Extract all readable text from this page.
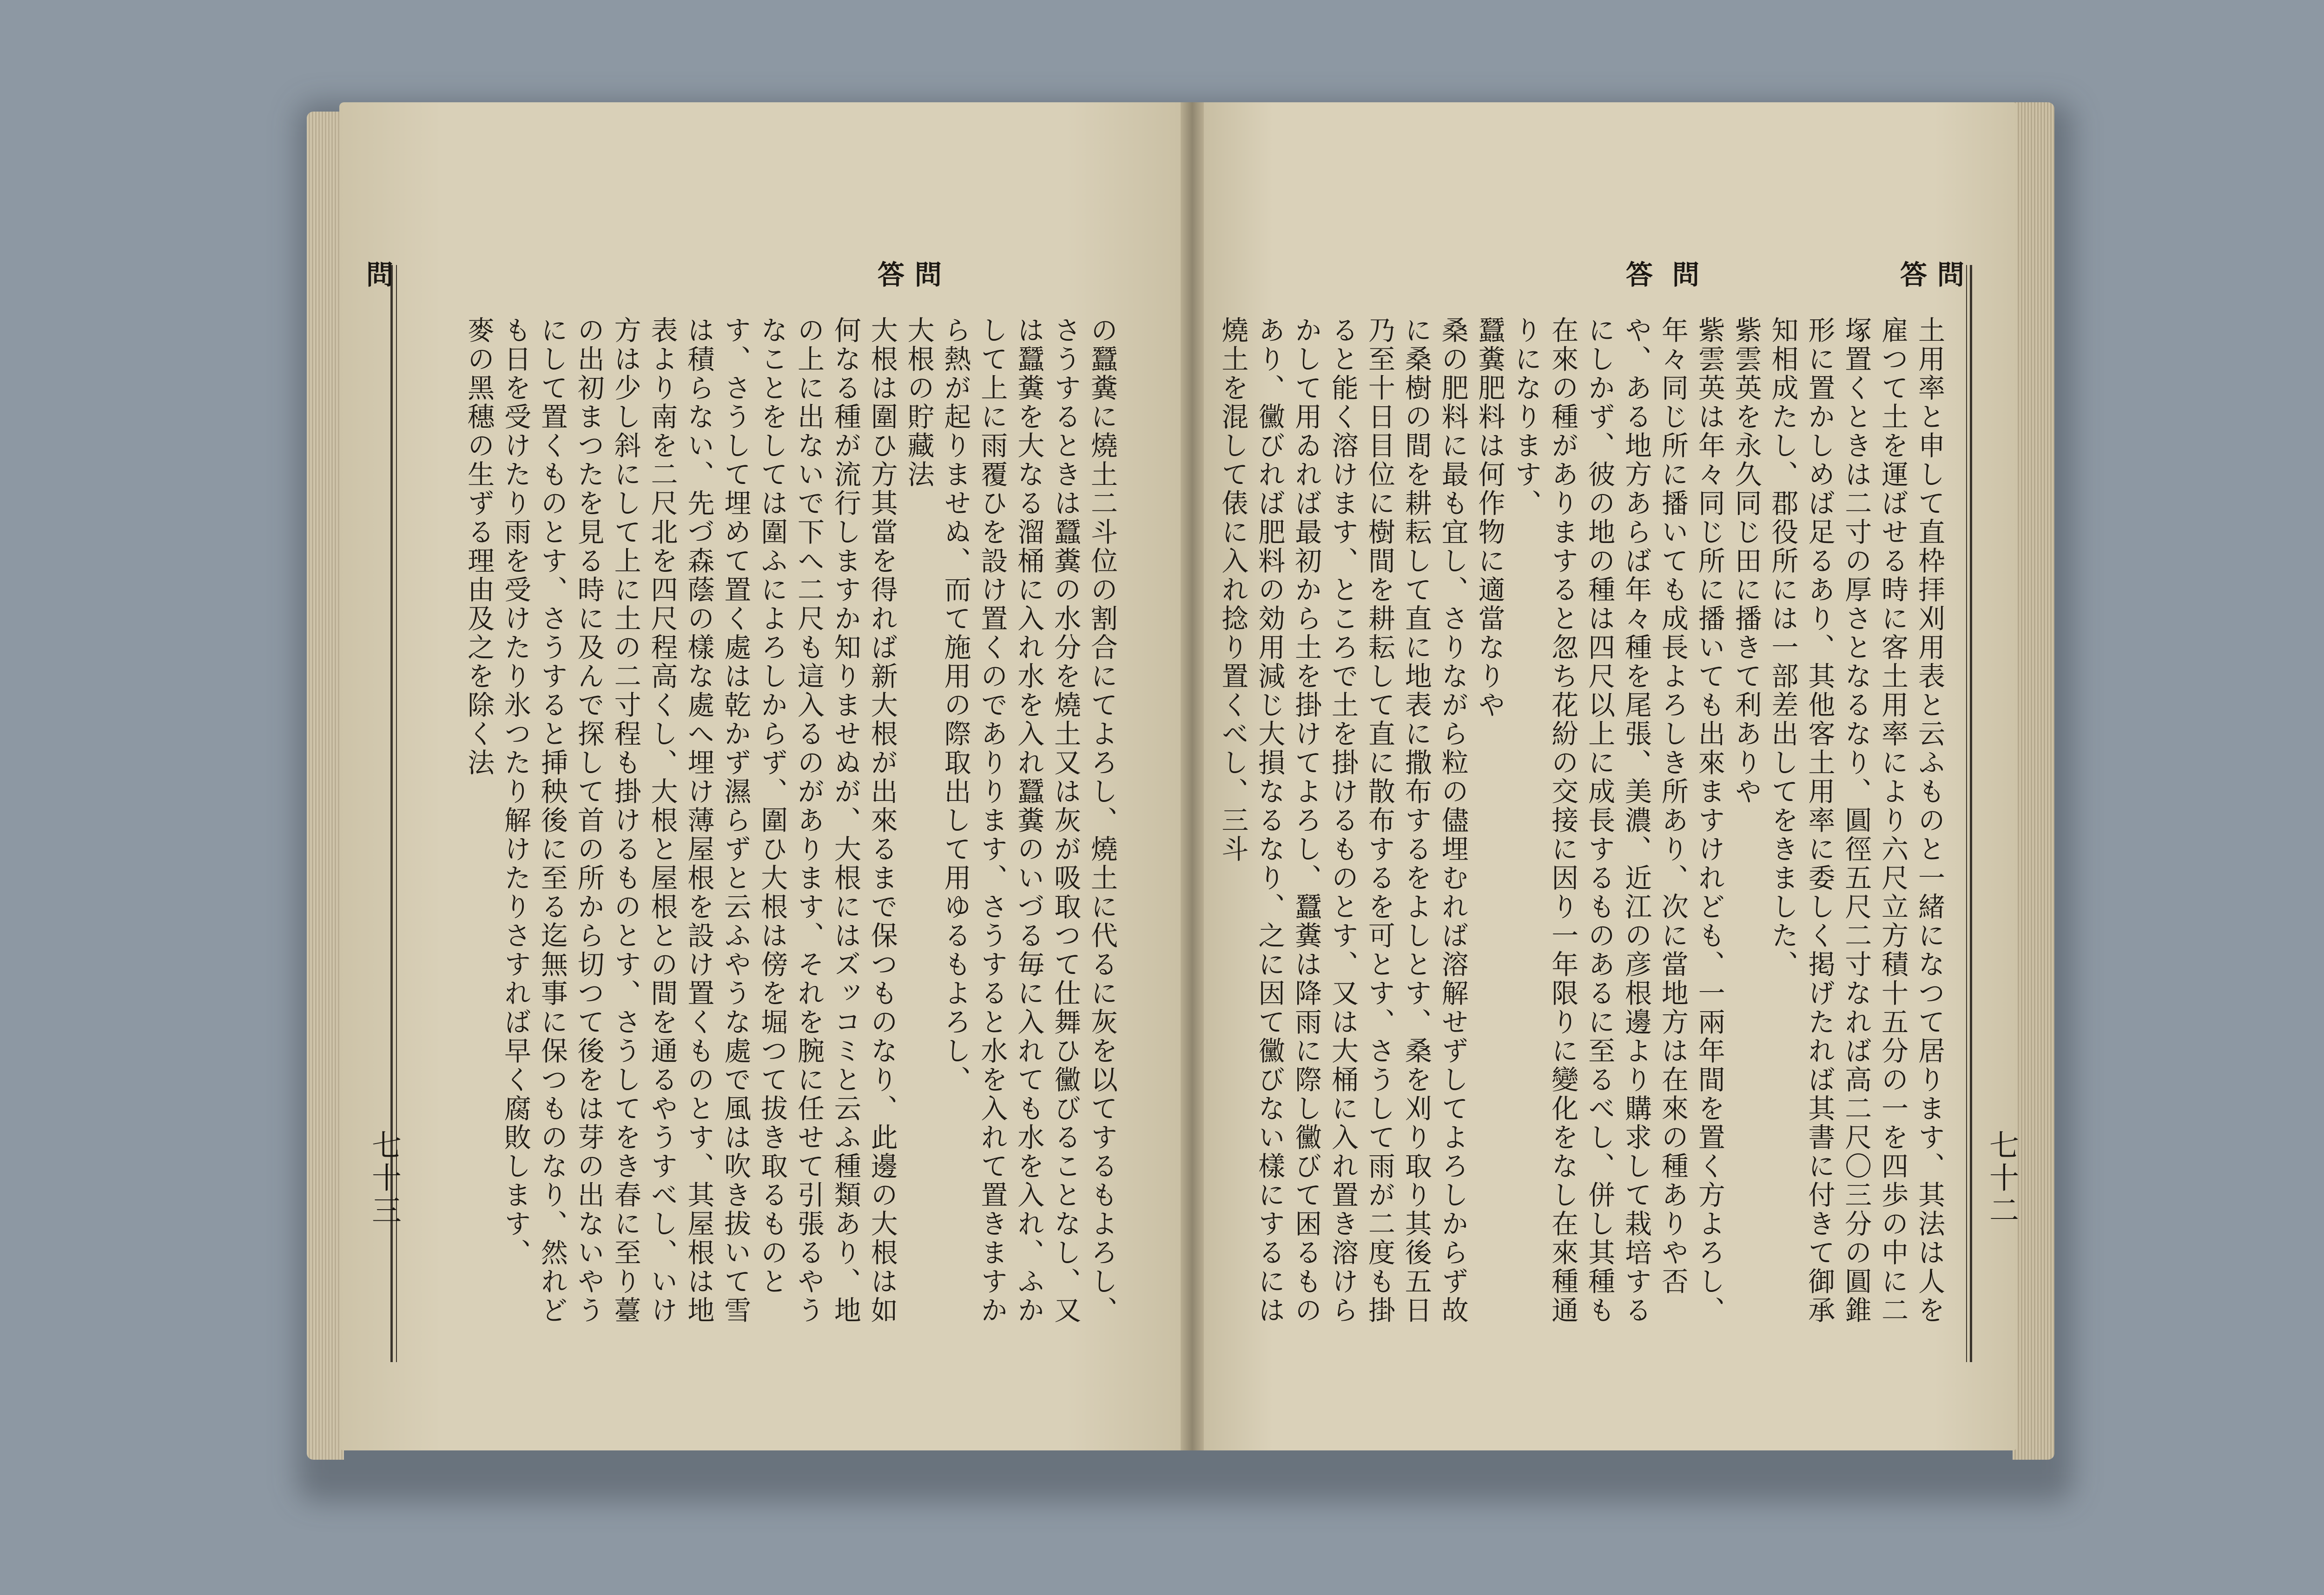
問
答
問
答
土用率と申して直枠拝刈用表と云ふものと一緒になつて居ります、其法は人を雇つて土を運ばせる時に客土用率により六尺立方積十五分の一を四歩の中に二塚置くときは二寸の厚さとなるなり、圓徑五尺二寸なれば高二尺〇三分の圓錐形に置かしめば足るあり、其他客土用率に委しく掲げたれば其書に付きて御承知相成たし、郡役所には一部差出してをきました、
紫雲英を永久同じ田に播きて利ありや
紫雲英は年々同じ所に播いても出來ますけれども、一兩年間を置く方よろし、年々同じ所に播いても成長よろしき所あり、次に當地方は在來の種ありや否や、ある地方あらば年々種を尾張、美濃、近江の彦根邊より購求して栽培するにしかず、彼の地の種は四尺以上に成長するものあるに至るべし、併し其種も在來の種がありますると忽ち花紛の交接に因り一年限りに變化をなし在來種通りになります、
蠶糞肥料は何作物に適當なりや
桑の肥料に最も宜し、さりながら粒の儘埋むれば溶解せずしてよろしからず故に桑樹の間を耕耘して直に地表に撒布するをよしとす、桑を刈り取り其後五日乃至十日目位に樹間を耕耘して直に散布するを可とす、さうして雨が二度も掛ると能く溶けます、ところで土を掛けるものとす、又は大桶に入れ置き溶けらかして用ゐれば最初から土を掛けてよろし、蠶糞は降雨に際し黴びて困るものあり、黴びれば肥料の効用減じ大損なるなり、之に因て黴びない樣にするには燒土を混して俵に入れ捻り置くべし、三斗
七十二
問
答
問
の蠶糞に燒土二斗位の割合にてよろし、燒土に代るに灰を以てするもよろし、さうするときは蠶糞の水分を燒土又は灰が吸取つて仕舞ひ黴びることなし、又は蠶糞を大なる溜桶に入れ水を入れ蠶糞のいづる毎に入れても水を入れ、ふかして上に雨覆ひを設け置くのでありります、さうすると水を入れて置きますから熱が起りませぬ、而て施用の際取出して用ゆるもよろし、
大根の貯藏法
大根は圍ひ方其當を得れば新大根が出來るまで保つものなり、此邊の大根は如何なる種が流行しますか知りませぬが、大根にはズッコミと云ふ種類あり、地の上に出ないで下へ二尺も這入るのがあります、それを腕に任せて引張るやうなことをしては圍ふによろしからず、圍ひ大根は傍を堀つて拔き取るものとす、さうして埋めて置く處は乾かず濕らずと云ふやうな處で風は吹き拔いて雪は積らない、先づ森蔭の樣な處へ埋け薄屋根を設け置くものとす、其屋根は地表より南を二尺北を四尺程高くし、大根と屋根との間を通るやうすべし、いけ方は少し斜にして上に土の二寸程も掛けるものとす、さうしてをき春に至り薹の出初まつたを見る時に及んで探して首の所から切つて後をは芽の出ないやうにして置くものとす、さうすると挿秧後に至る迄無事に保つものなり、然れども日を受けたり雨を受けたり氷つたり解けたりさすれば早く腐敗します、
麥の黑穗の生ずる理由及之を除く法
七十三
